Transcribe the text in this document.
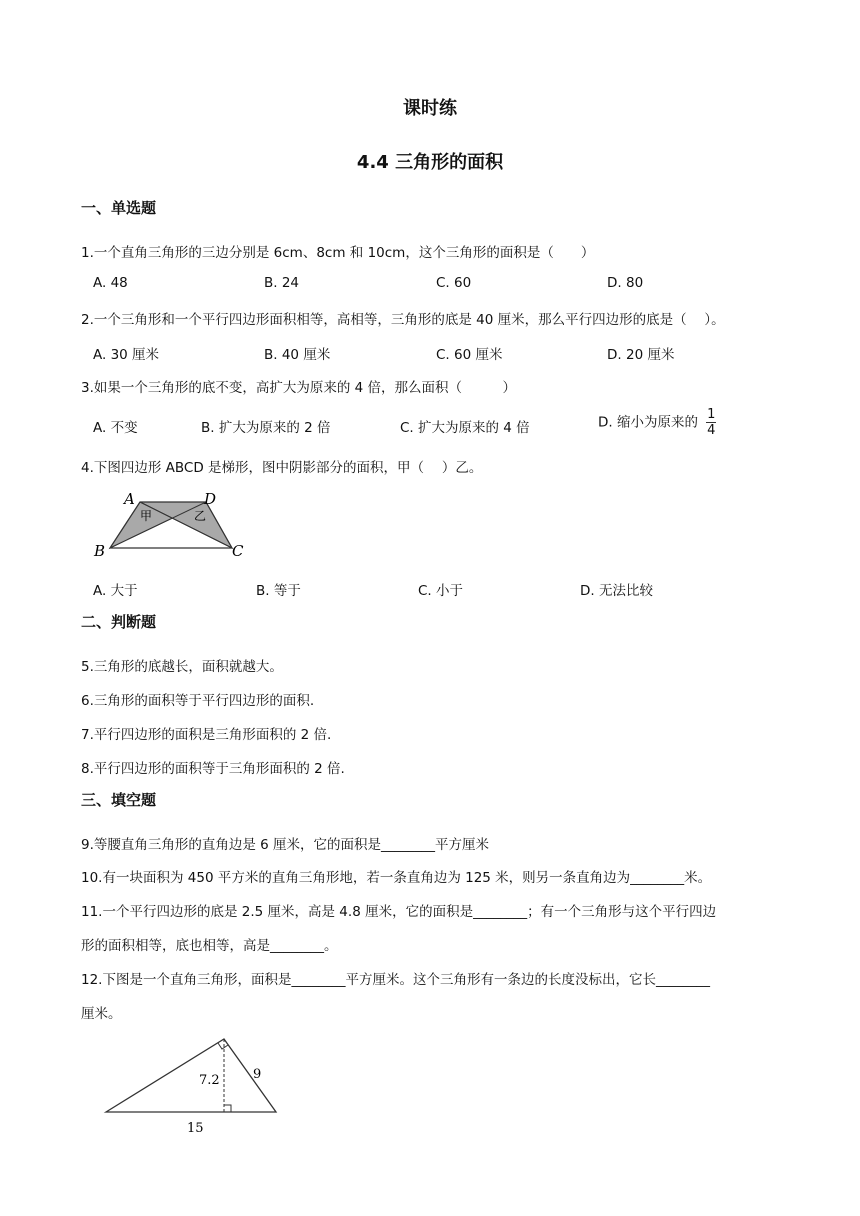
课时练
4.4 三角形的面积
一、单选题
1.一个直角三角形的三边分别是 6cm、8cm 和 10cm，这个三角形的面积是（　　）
A. 48	B. 24	C. 60	D. 80
2.一个三角形和一个平行四边形面积相等，高相等，三角形的底是 40 厘米，那么平行四边形的底是（　 ）。
A. 30 厘米	B. 40 厘米	C. 60 厘米	D. 20 厘米
3.如果一个三角形的底不变，高扩大为原来的 4 倍，那么面积（　　　）
A. 不变	B. 扩大为原来的 2 倍	C. 扩大为原来的 4 倍	D. 缩小为原来的 $\frac{1}{4}$
4.下图四边形 ABCD 是梯形，图中阴影部分的面积，甲（　 ）乙。
A	D
B	C
甲	乙
A. 大于	B. 等于	C. 小于	D. 无法比较
二、判断题
5.三角形的底越长，面积就越大。
6.三角形的面积等于平行四边形的面积.
7.平行四边形的面积是三角形面积的 2 倍.
8.平行四边形的面积等于三角形面积的 2 倍.
三、填空题
9.等腰直角三角形的直角边是 6 厘米，它的面积是________平方厘米
10.有一块面积为 450 平方米的直角三角形地，若一条直角边为 125 米，则另一条直角边为________米。
11.一个平行四边形的底是 2.5 厘米，高是 4.8 厘米，它的面积是________；有一个三角形与这个平行四边
形的面积相等，底也相等，高是________。
12.下图是一个直角三角形，面积是________平方厘米。这个三角形有一条边的长度没标出，它长________
厘米。
7.2	9
15
